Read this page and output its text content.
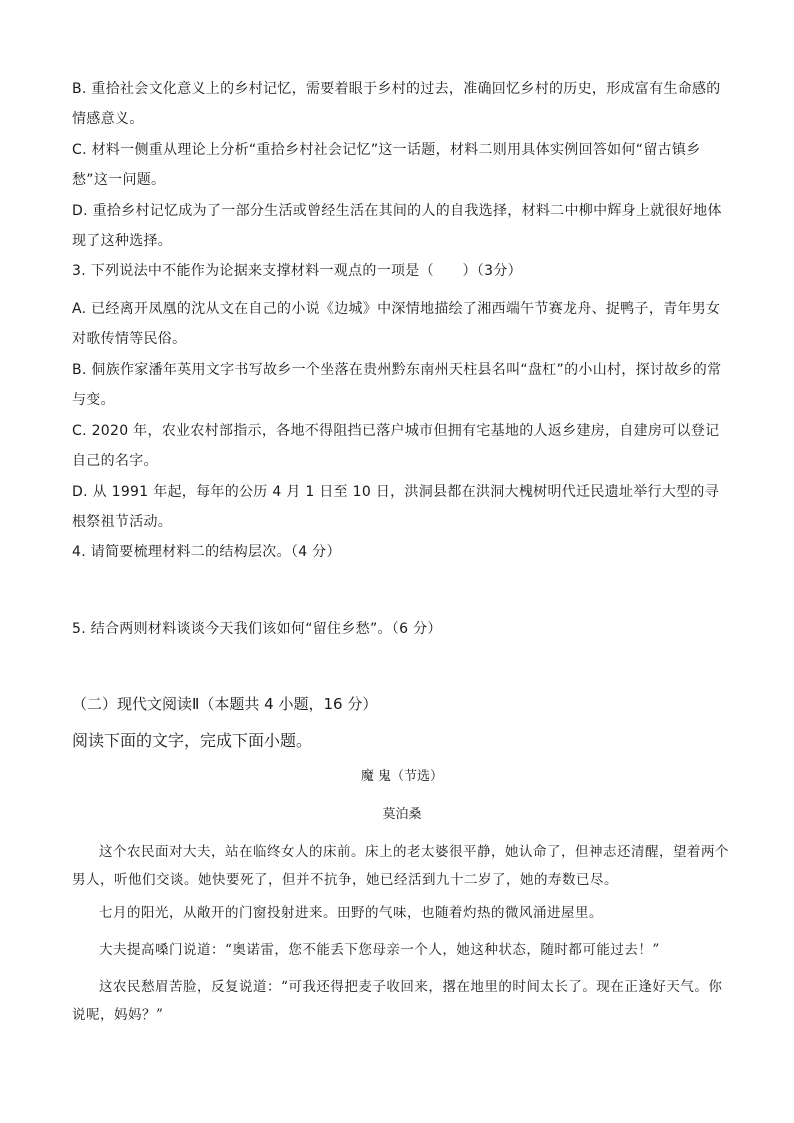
B. 重拾社会文化意义上的乡村记忆，需要着眼于乡村的过去，准确回忆乡村的历史，形成富有生命感的情感意义。

C. 材料一侧重从理论上分析“重拾乡村社会记忆”这一话题，材料二则用具体实例回答如何“留古镇乡愁”这一问题。

D. 重拾乡村记忆成为了一部分生活或曾经生活在其间的人的自我选择，材料二中柳中辉身上就很好地体现了这种选择。

3. 下列说法中不能作为论据来支撑材料一观点的一项是（　　）（3分）

A. 已经离开凤凰的沈从文在自己的小说《边城》中深情地描绘了湘西端午节赛龙舟、捉鸭子，青年男女对歌传情等民俗。

B. 侗族作家潘年英用文字书写故乡一个坐落在贵州黔东南州天柱县名叫“盘杠”的小山村，探讨故乡的常与变。

C. 2020 年，农业农村部指示，各地不得阻挡已落户城市但拥有宅基地的人返乡建房，自建房可以登记自己的名字。

D. 从 1991 年起，每年的公历 4 月 1 日至 10 日，洪洞县都在洪洞大槐树明代迁民遗址举行大型的寻根祭祖节活动。

4. 请简要梳理材料二的结构层次。（4 分）

5. 结合两则材料谈谈今天我们该如何“留住乡愁”。（6 分）

（二）现代文阅读Ⅱ（本题共 4 小题，16 分）

阅读下面的文字，完成下面小题。

魔 鬼（节选）

莫泊桑

这个农民面对大夫，站在临终女人的床前。床上的老太婆很平静，她认命了，但神志还清醒，望着两个男人，听他们交谈。她快要死了，但并不抗争，她已经活到九十二岁了，她的寿数已尽。

七月的阳光，从敞开的门窗投射进来。田野的气味，也随着灼热的微风涌进屋里。

大夫提高嗓门说道：“奥诺雷，您不能丢下您母亲一个人，她这种状态，随时都可能过去！”

这农民愁眉苦脸，反复说道：“可我还得把麦子收回来，撂在地里的时间太长了。现在正逢好天气。你说呢，妈妈？”
